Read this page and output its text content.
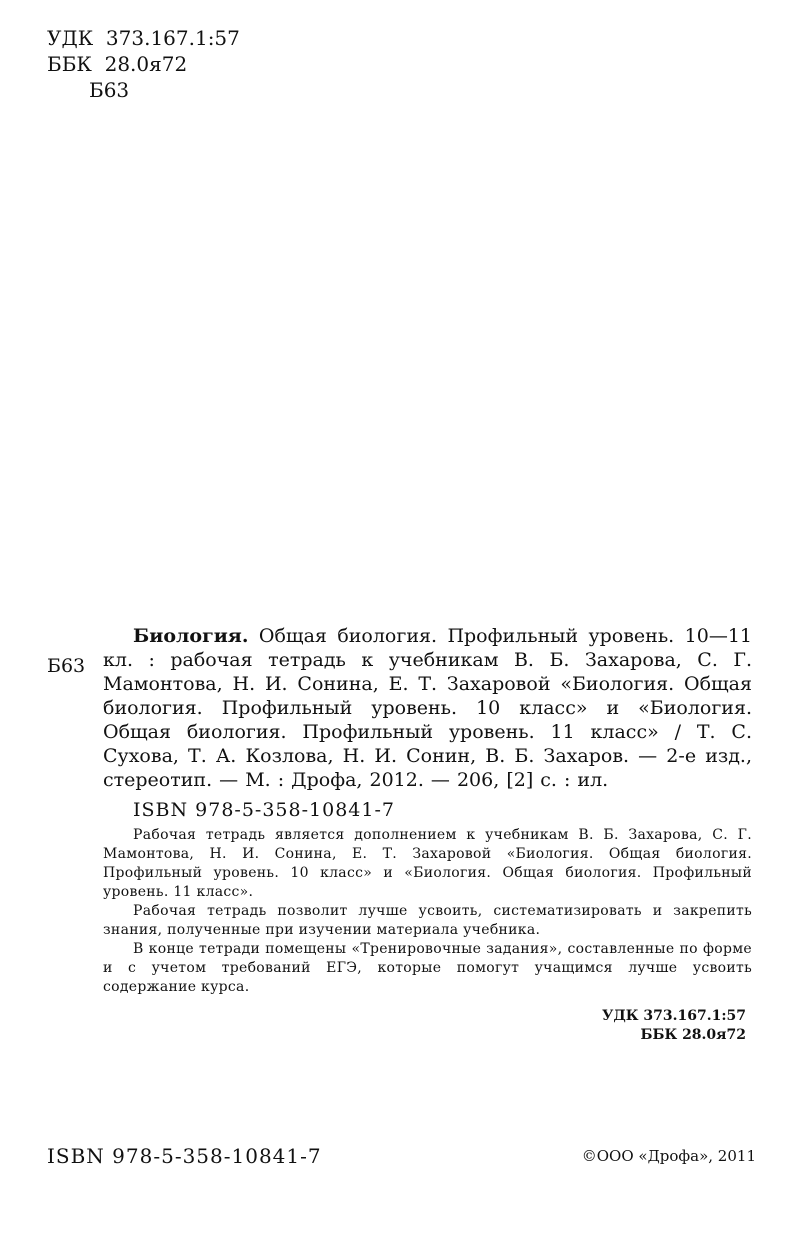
УДК  373.167.1:57
ББК  28.0я72
Б63
Б63
Биология. Общая биология. Профильный уровень. 10—11 кл. : рабочая тетрадь к учебникам В. Б. Захарова, С. Г. Мамонтова, Н. И. Сонина, Е. Т. Захаровой «Биология. Общая биология. Профильный уровень. 10 класс» и «Биология. Общая биология. Профильный уровень. 11 класс» / Т. С. Сухова, Т. А. Козлова, Н. И. Сонин, В. Б. Захаров. — 2-е изд., стереотип. — М. : Дрофа, 2012. — 206, [2] с. : ил.
ISBN 978-5-358-10841-7

Рабочая тетрадь является дополнением к учебникам В. Б. Захарова, С. Г. Мамонтова, Н. И. Сонина, Е. Т. Захаровой «Биология. Общая биология. Профильный уровень. 10 класс» и «Биология. Общая биология. Профильный уровень. 11 класс».

Рабочая тетрадь позволит лучше усвоить, систематизировать и закрепить знания, полученные при изучении материала учебника.

В конце тетради помещены «Тренировочные задания», составленные по форме и с учетом требований ЕГЭ, которые помогут учащимся лучше усвоить содержание курса.

УДК 373.167.1:57
ББК 28.0я72
ISBN 978-5-358-10841-7	©ООО «Дрофа», 2011
